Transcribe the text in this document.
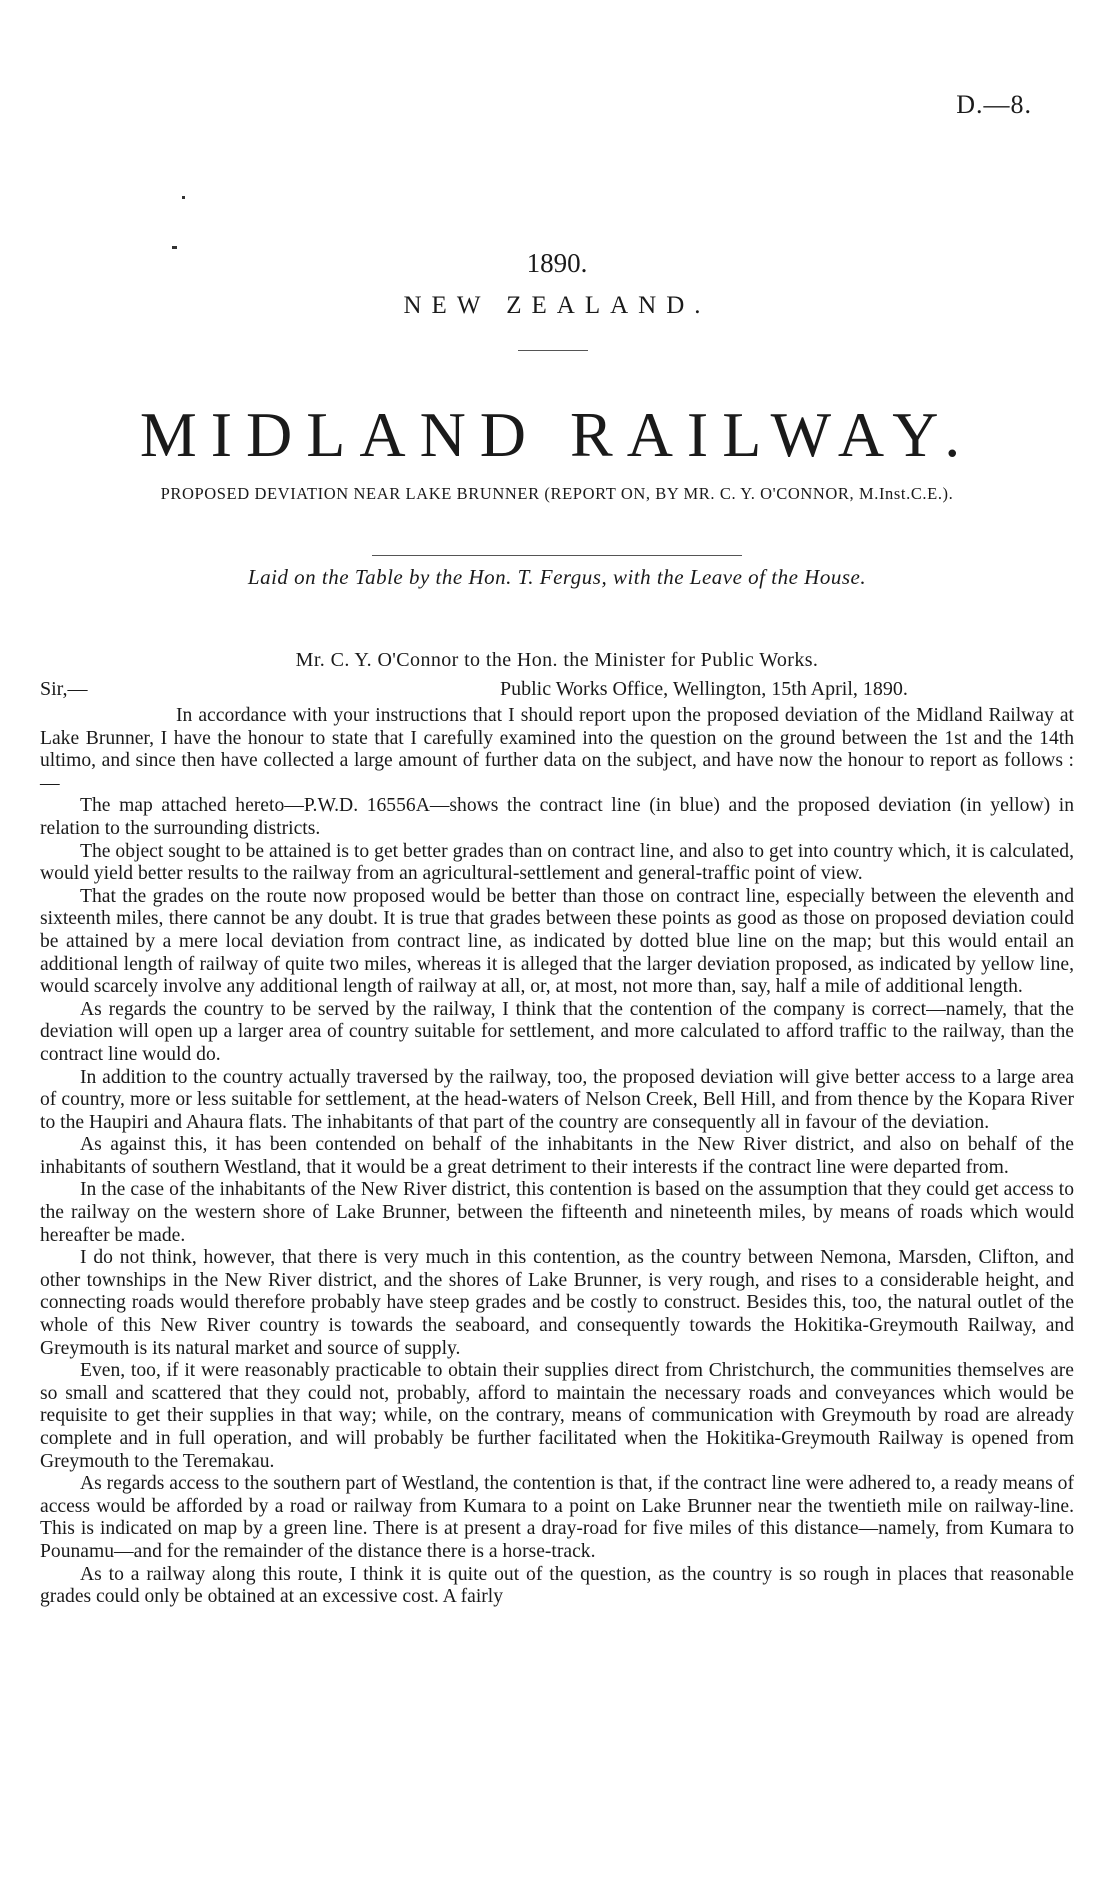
D.—8.
1890.
NEW ZEALAND.
MIDLAND RAILWAY.
PROPOSED DEVIATION NEAR LAKE BRUNNER (REPORT ON, BY MR. C. Y. O'CONNOR, M.Inst.C.E.).
Laid on the Table by the Hon. T. Fergus, with the Leave of the House.
Mr. C. Y. O'Connor to the Hon. the Minister for Public Works.
Sir,—	Public Works Office, Wellington, 15th April, 1890.

In accordance with your instructions that I should report upon the proposed deviation of the Midland Railway at Lake Brunner, I have the honour to state that I carefully examined into the question on the ground between the 1st and the 14th ultimo, and since then have collected a large amount of further data on the subject, and have now the honour to report as follows :—

The map attached hereto—P.W.D. 16556A—shows the contract line (in blue) and the proposed deviation (in yellow) in relation to the surrounding districts.

The object sought to be attained is to get better grades than on contract line, and also to get into country which, it is calculated, would yield better results to the railway from an agricultural-settlement and general-traffic point of view.

That the grades on the route now proposed would be better than those on contract line, especially between the eleventh and sixteenth miles, there cannot be any doubt. It is true that grades between these points as good as those on proposed deviation could be attained by a mere local deviation from contract line, as indicated by dotted blue line on the map; but this would entail an additional length of railway of quite two miles, whereas it is alleged that the larger deviation proposed, as indicated by yellow line, would scarcely involve any additional length of railway at all, or, at most, not more than, say, half a mile of additional length.

As regards the country to be served by the railway, I think that the contention of the company is correct—namely, that the deviation will open up a larger area of country suitable for settlement, and more calculated to afford traffic to the railway, than the contract line would do.

In addition to the country actually traversed by the railway, too, the proposed deviation will give better access to a large area of country, more or less suitable for settlement, at the head-waters of Nelson Creek, Bell Hill, and from thence by the Kopara River to the Haupiri and Ahaura flats. The inhabitants of that part of the country are consequently all in favour of the deviation.

As against this, it has been contended on behalf of the inhabitants in the New River district, and also on behalf of the inhabitants of southern Westland, that it would be a great detriment to their interests if the contract line were departed from.

In the case of the inhabitants of the New River district, this contention is based on the assumption that they could get access to the railway on the western shore of Lake Brunner, between the fifteenth and nineteenth miles, by means of roads which would hereafter be made.

I do not think, however, that there is very much in this contention, as the country between Nemona, Marsden, Clifton, and other townships in the New River district, and the shores of Lake Brunner, is very rough, and rises to a considerable height, and connecting roads would therefore probably have steep grades and be costly to construct. Besides this, too, the natural outlet of the whole of this New River country is towards the seaboard, and consequently towards the Hokitika-Greymouth Railway, and Greymouth is its natural market and source of supply.

Even, too, if it were reasonably practicable to obtain their supplies direct from Christchurch, the communities themselves are so small and scattered that they could not, probably, afford to maintain the necessary roads and conveyances which would be requisite to get their supplies in that way; while, on the contrary, means of communication with Greymouth by road are already complete and in full operation, and will probably be further facilitated when the Hokitika-Greymouth Railway is opened from Greymouth to the Teremakau.

As regards access to the southern part of Westland, the contention is that, if the contract line were adhered to, a ready means of access would be afforded by a road or railway from Kumara to a point on Lake Brunner near the twentieth mile on railway-line. This is indicated on map by a green line. There is at present a dray-road for five miles of this distance—namely, from Kumara to Pounamu—and for the remainder of the distance there is a horse-track.

As to a railway along this route, I think it is quite out of the question, as the country is so rough in places that reasonable grades could only be obtained at an excessive cost. A fairly
